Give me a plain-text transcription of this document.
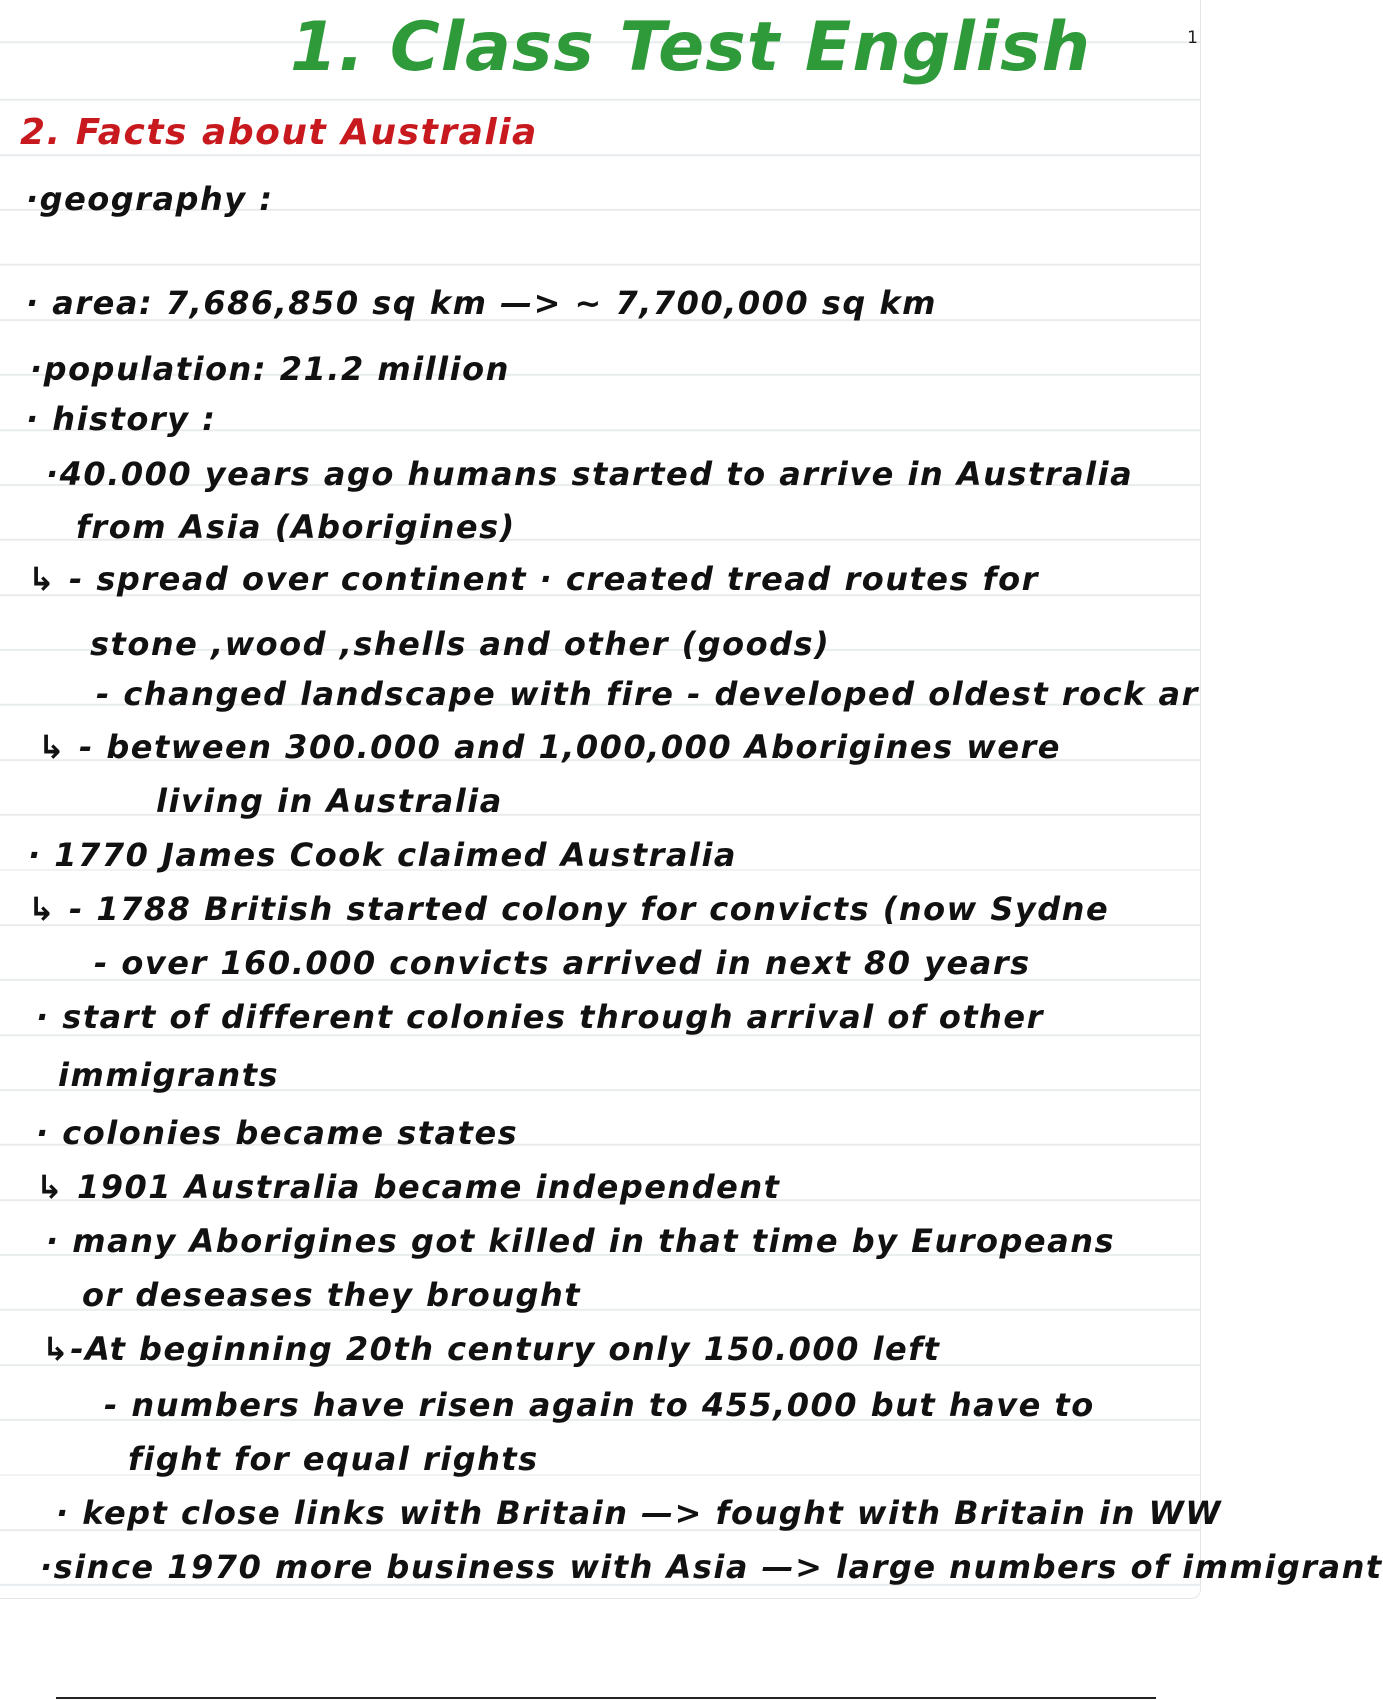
1
1. Class Test English
2. Facts about Australia
·geography :
· area: 7,686,850 sq km —> ~ 7,700,000 sq km
·population: 21.2 million
· history :
·40.000 years ago humans started to arrive in Australia
from Asia (Aborigines)
↳ - spread over continent · created tread routes for
stone ,wood ,shells and other (goods)
- changed landscape with fire - developed oldest rock ar
↳ - between 300.000 and 1,000,000 Aborigines were
living in Australia
· 1770 James Cook claimed Australia
↳ - 1788 British started colony for convicts (now Sydne
- over 160.000 convicts arrived in next 80 years
· start of different colonies through arrival of other
immigrants
· colonies became states
↳ 1901 Australia became independent
· many Aborigines got killed in that time by Europeans
or deseases they brought
↳-At beginning 20th century only 150.000 left
- numbers have risen again to 455,000 but have to
fight for equal rights
· kept close links with Britain —> fought with Britain in WW
·since 1970 more business with Asia —> large numbers of immigrant
